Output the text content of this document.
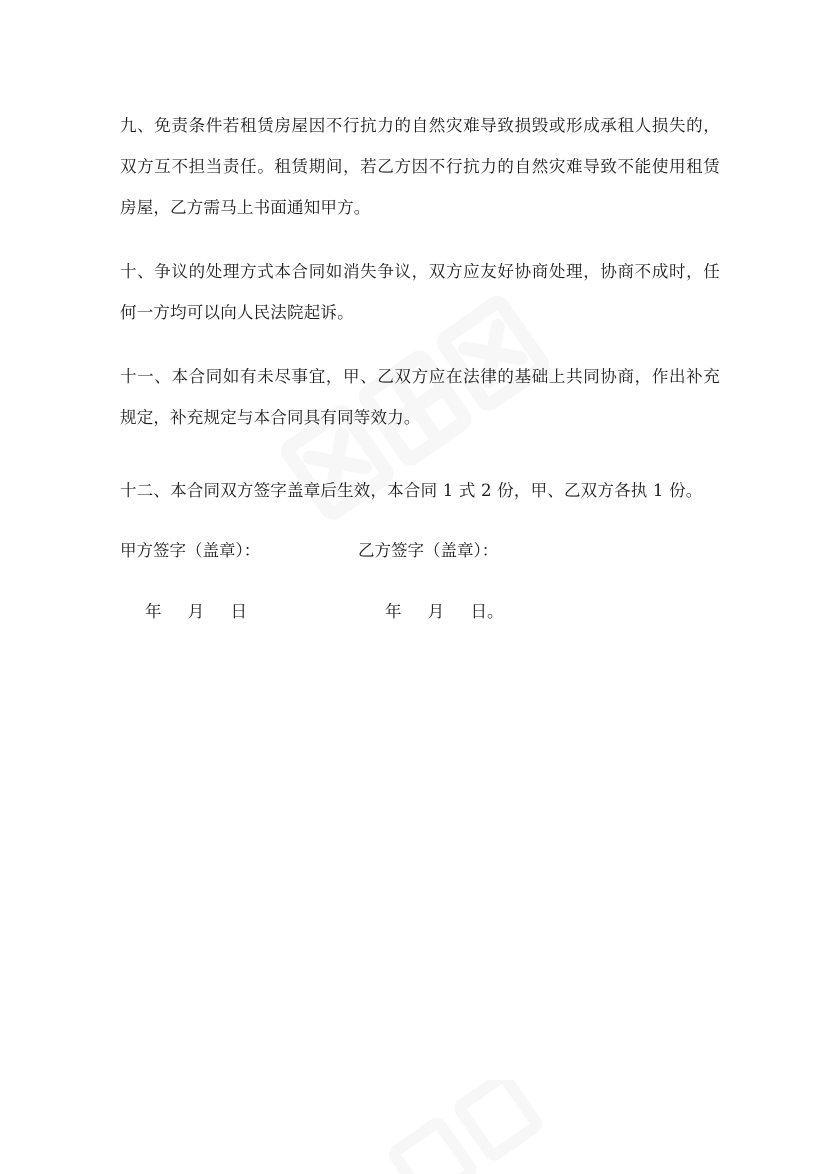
九、免责条件若租赁房屋因不行抗力的自然灾难导致损毁或形成承租人损失的，双方互不担当责任。租赁期间，若乙方因不行抗力的自然灾难导致不能使用租赁房屋，乙方需马上书面通知甲方。

十、争议的处理方式本合同如消失争议，双方应友好协商处理，协商不成时，任何一方均可以向人民法院起诉。

十一、本合同如有未尽事宜，甲、乙双方应在法律的基础上共同协商，作出补充规定，补充规定与本合同具有同等效力。

十二、本合同双方签字盖章后生效，本合同 1 式 2 份，甲、乙双方各执 1 份。

甲方签字（盖章）：	乙方签字（盖章）：
年     月     日	年     月     日。
